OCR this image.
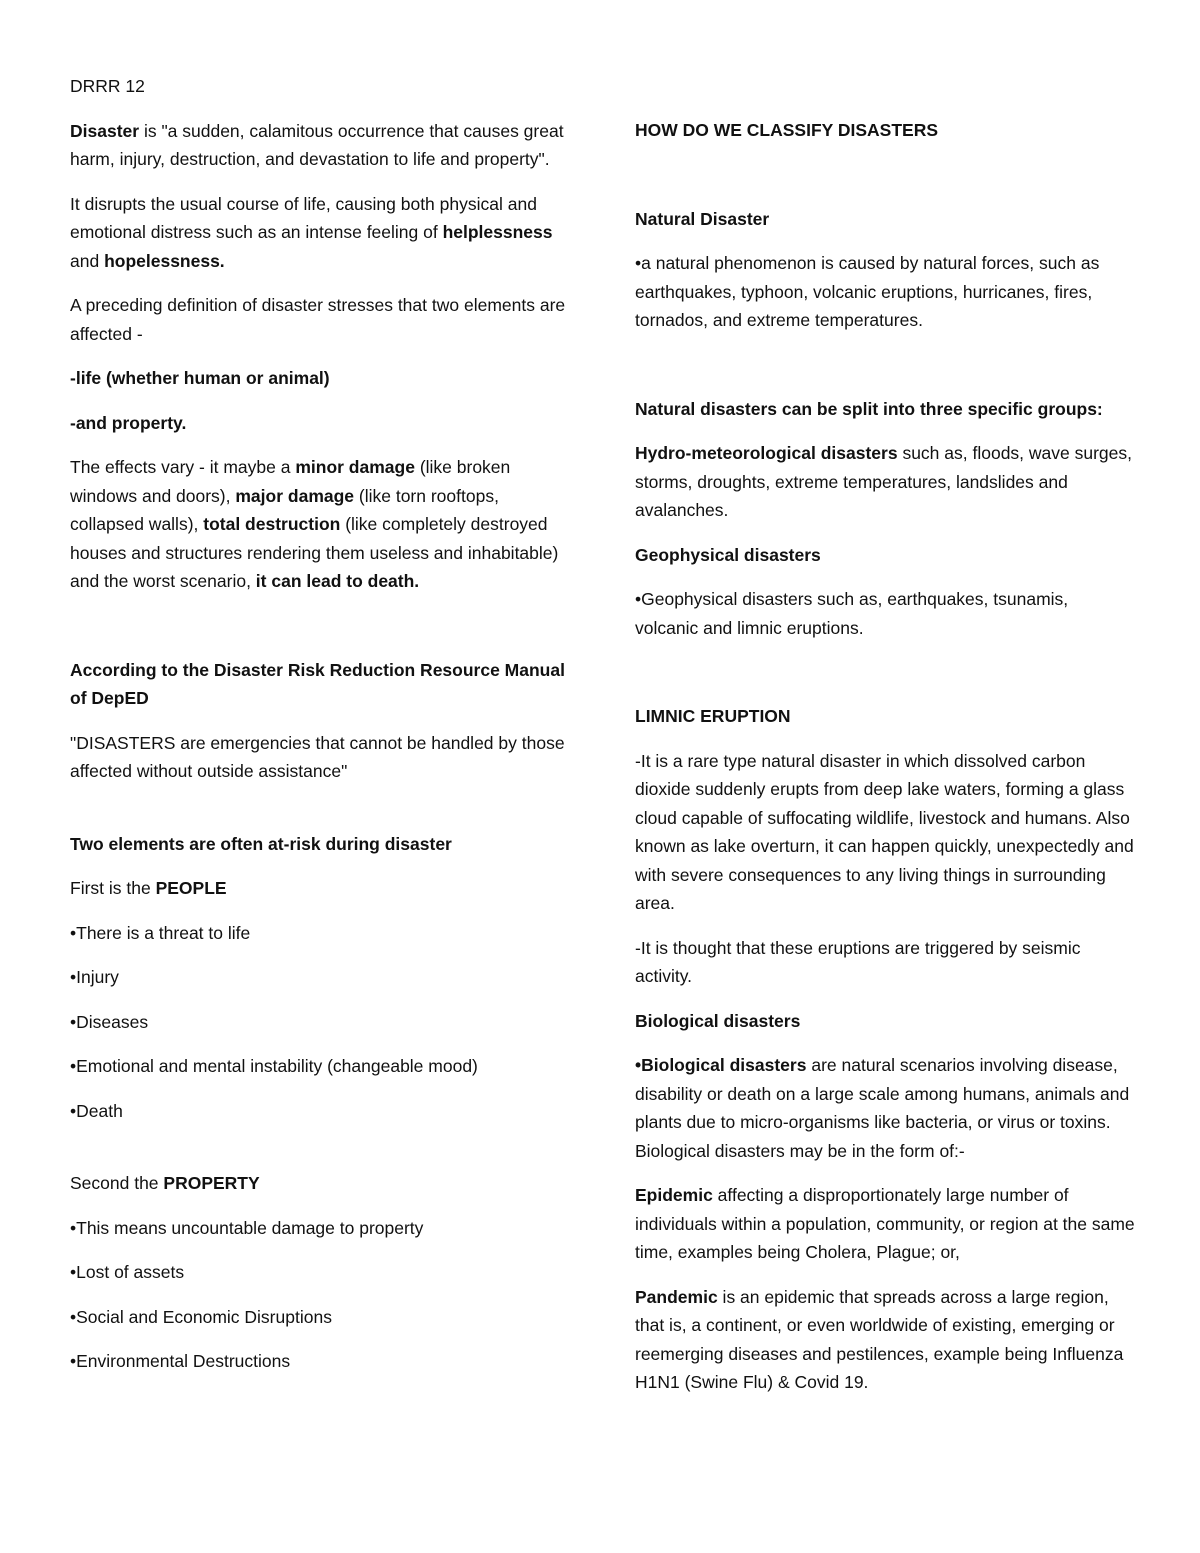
DRRR 12

Disaster is "a sudden, calamitous occurrence that causes great harm, injury, destruction, and devastation to life and property".

It disrupts the usual course of life, causing both physical and emotional distress such as an intense feeling of helplessness and hopelessness.

A preceding definition of disaster stresses that two elements are affected -

-life (whether human or animal)

-and property.

The effects vary - it maybe a minor damage (like broken windows and doors), major damage (like torn rooftops, collapsed walls), total destruction (like completely destroyed houses and structures rendering them useless and inhabitable) and the worst scenario, it can lead to death.

According to the Disaster Risk Reduction Resource Manual of DepED

"DISASTERS are emergencies that cannot be handled by those affected without outside assistance"

Two elements are often at-risk during disaster

First is the PEOPLE

•There is a threat to life

•Injury

•Diseases

•Emotional and mental instability (changeable mood)

•Death

Second the PROPERTY

•This means uncountable damage to property

•Lost of assets

•Social and Economic Disruptions

•Environmental Destructions

HOW DO WE CLASSIFY DISASTERS

Natural Disaster

•a natural phenomenon is caused by natural forces, such as earthquakes, typhoon, volcanic eruptions, hurricanes, fires, tornados, and extreme temperatures.

Natural disasters can be split into three specific groups:

Hydro-meteorological disasters such as, floods, wave surges, storms, droughts, extreme temperatures, landslides and avalanches.

Geophysical disasters

•Geophysical disasters such as, earthquakes, tsunamis, volcanic and limnic eruptions.

LIMNIC ERUPTION

-It is a rare type natural disaster in which dissolved carbon dioxide suddenly erupts from deep lake waters, forming a glass cloud capable of suffocating wildlife, livestock and humans. Also known as lake overturn, it can happen quickly, unexpectedly and with severe consequences to any living things in surrounding area.

-It is thought that these eruptions are triggered by seismic activity.

Biological disasters

•Biological disasters are natural scenarios involving disease, disability or death on a large scale among humans, animals and plants due to micro-organisms like bacteria, or virus or toxins. Biological disasters may be in the form of:-

Epidemic affecting a disproportionately large number of individuals within a population, community, or region at the same time, examples being Cholera, Plague; or,

Pandemic is an epidemic that spreads across a large region, that is, a continent, or even worldwide of existing, emerging or reemerging diseases and pestilences, example being Influenza H1N1 (Swine Flu) & Covid 19.
